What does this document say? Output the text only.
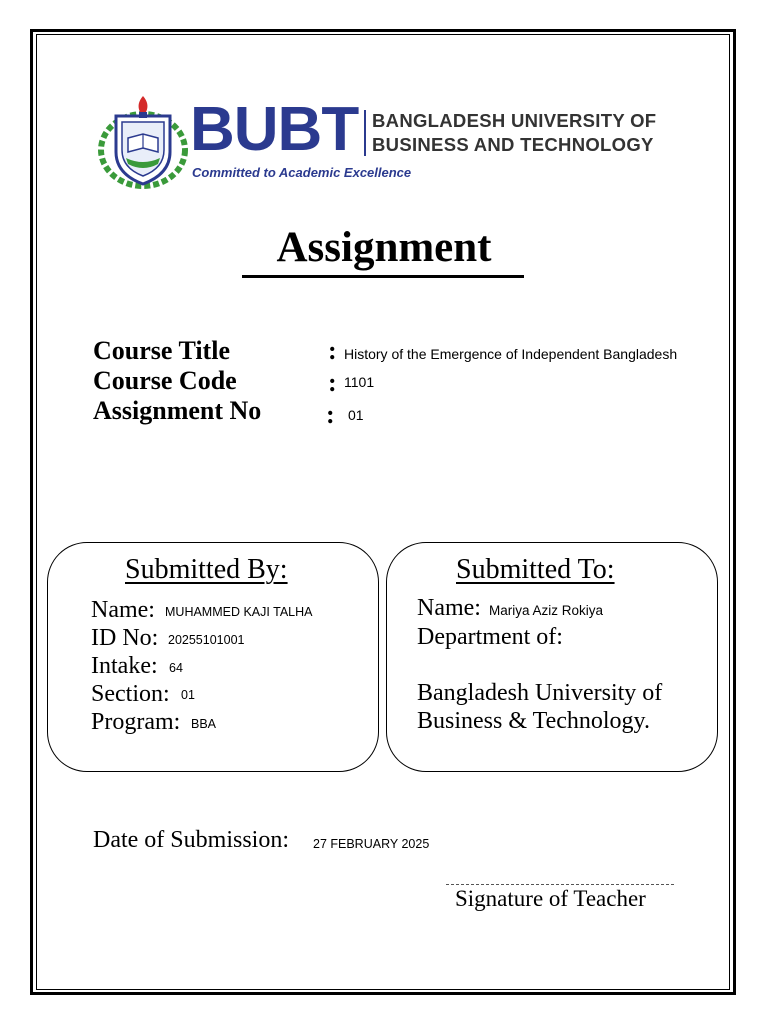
BUBT BANGLADESH UNIVERSITY OF
BUSINESS AND TECHNOLOGY
Committed to Academic Excellence
Assignment
Course Title	: History of the Emergence of Independent Bangladesh
Course Code	: 1101
Assignment No : 01
Submitted By:
Name: MUHAMMED KAJI TALHA
ID No: 20255101001
Intake: 64
Section: 01
Program: BBA
Submitted To:
Name: Mariya Aziz Rokiya
Department of:
Bangladesh University of
Business & Technology.
Date of Submission: 27 FEBRUARY 2025
Signature of Teacher
